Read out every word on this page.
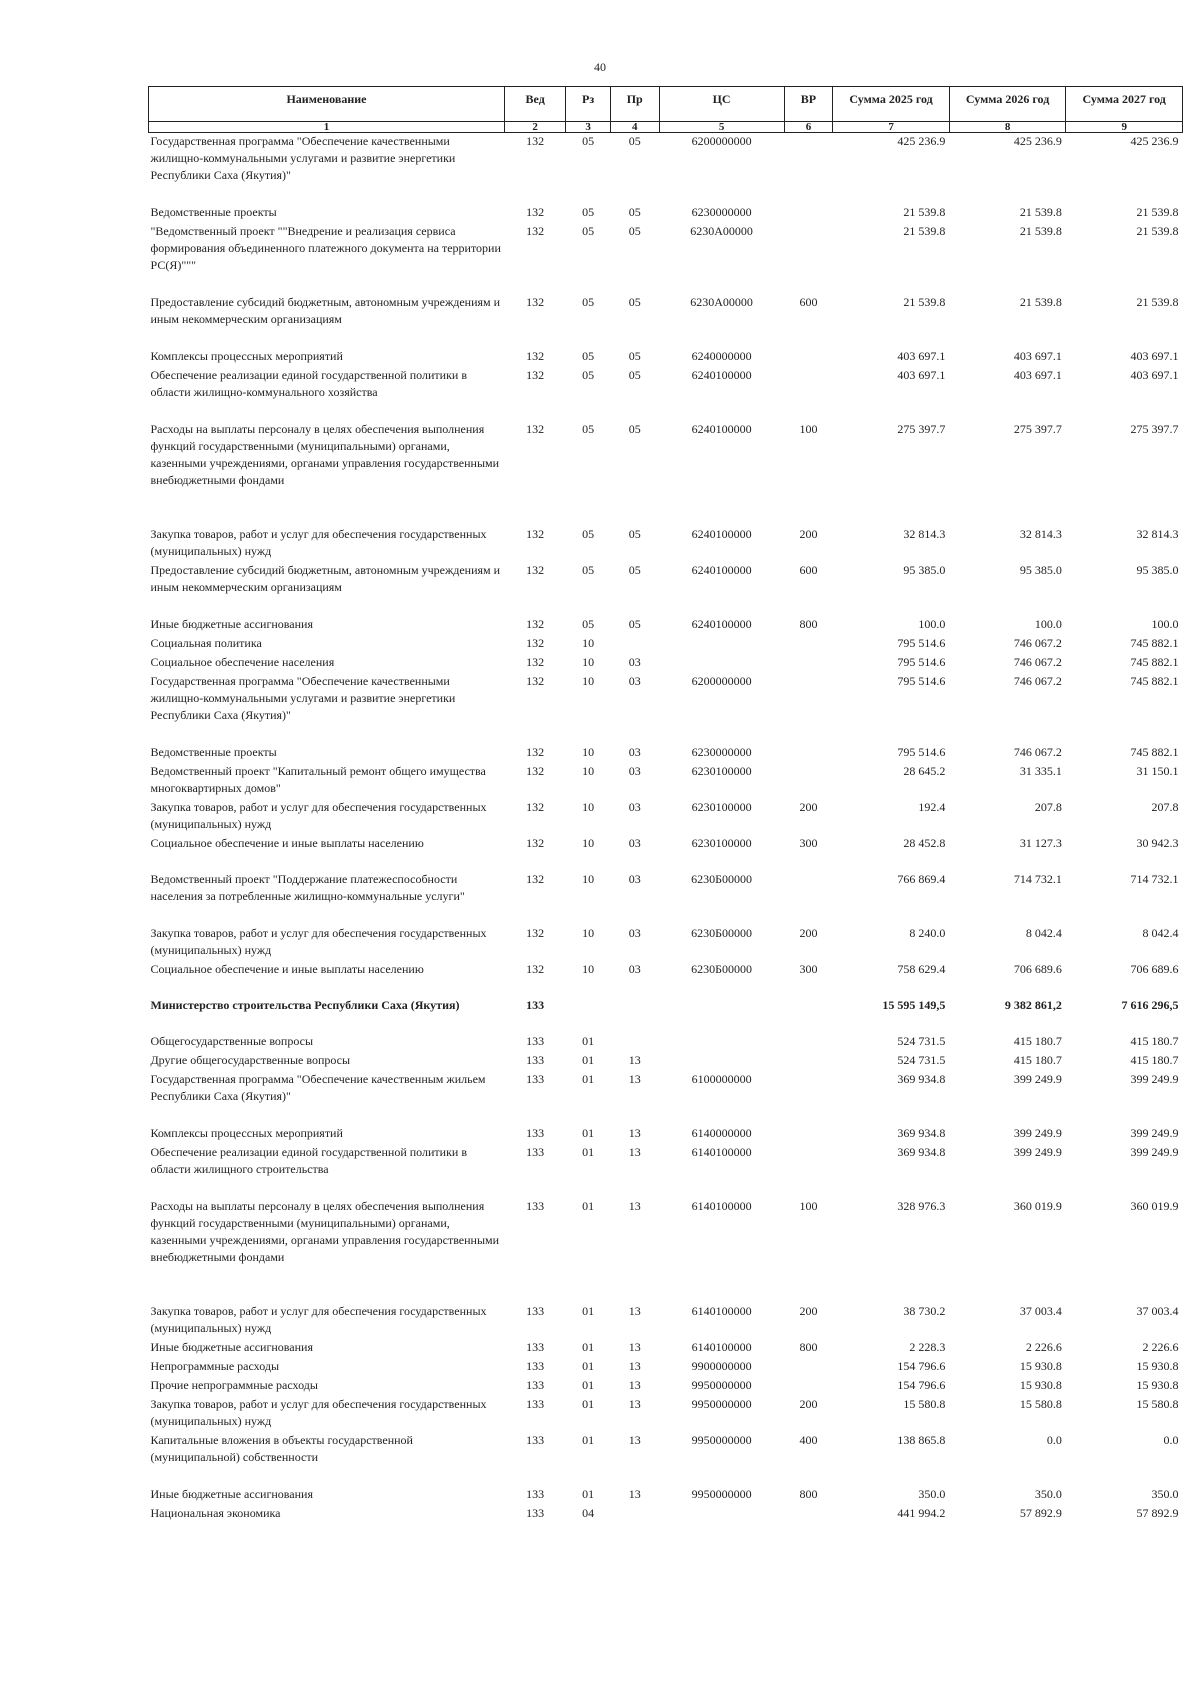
40
Наименование	Вед	Рз	Пр	ЦС	ВР	Сумма 2025 год	Сумма 2026 год	Сумма 2027 год
1	2	3	4	5	6	7	8	9
Государственная программа "Обеспечение качественными жилищно-коммунальными услугами и развитие энергетики Республики Саха (Якутия)"	132	05	05	6200000000		425 236.9	425 236.9	425 236.9
Ведомственные проекты	132	05	05	6230000000		21 539.8	21 539.8	21 539.8
"Ведомственный проект ""Внедрение и реализация сервиса формирования объединенного платежного документа на территории РС(Я)"""	132	05	05	6230А00000		21 539.8	21 539.8	21 539.8
Предоставление субсидий бюджетным, автономным учреждениям и иным некоммерческим организациям	132	05	05	6230А00000	600	21 539.8	21 539.8	21 539.8
Комплексы процессных мероприятий	132	05	05	6240000000		403 697.1	403 697.1	403 697.1
Обеспечение реализации единой государственной политики в области жилищно-коммунального хозяйства	132	05	05	6240100000		403 697.1	403 697.1	403 697.1
Расходы на выплаты персоналу в целях обеспечения выполнения функций государственными (муниципальными) органами, казенными учреждениями, органами управления государственными внебюджетными фондами	132	05	05	6240100000	100	275 397.7	275 397.7	275 397.7
Закупка товаров, работ и услуг для обеспечения государственных (муниципальных) нужд	132	05	05	6240100000	200	32 814.3	32 814.3	32 814.3
Предоставление субсидий бюджетным, автономным учреждениям и иным некоммерческим организациям	132	05	05	6240100000	600	95 385.0	95 385.0	95 385.0
Иные бюджетные ассигнования	132	05	05	6240100000	800	100.0	100.0	100.0
Социальная политика	132	10				795 514.6	746 067.2	745 882.1
Социальное обеспечение населения	132	10	03			795 514.6	746 067.2	745 882.1
Государственная программа "Обеспечение качественными жилищно-коммунальными услугами и развитие энергетики Республики Саха (Якутия)"	132	10	03	6200000000		795 514.6	746 067.2	745 882.1
Ведомственные проекты	132	10	03	6230000000		795 514.6	746 067.2	745 882.1
Ведомственный проект "Капитальный ремонт общего имущества многоквартирных домов"	132	10	03	6230100000		28 645.2	31 335.1	31 150.1
Закупка товаров, работ и услуг для обеспечения государственных (муниципальных) нужд	132	10	03	6230100000	200	192.4	207.8	207.8
Социальное обеспечение и иные выплаты населению	132	10	03	6230100000	300	28 452.8	31 127.3	30 942.3
Ведомственный проект "Поддержание платежеспособности населения за потребленные жилищно-коммунальные услуги"	132	10	03	6230Б00000		766 869.4	714 732.1	714 732.1
Закупка товаров, работ и услуг для обеспечения государственных (муниципальных) нужд	132	10	03	6230Б00000	200	8 240.0	8 042.4	8 042.4
Социальное обеспечение и иные выплаты населению	132	10	03	6230Б00000	300	758 629.4	706 689.6	706 689.6
Министерство строительства Республики Саха (Якутия)	133					15 595 149,5	9 382 861,2	7 616 296,5
Общегосударственные вопросы	133	01				524 731.5	415 180.7	415 180.7
Другие общегосударственные вопросы	133	01	13			524 731.5	415 180.7	415 180.7
Государственная программа "Обеспечение качественным жильем Республики Саха (Якутия)"	133	01	13	6100000000		369 934.8	399 249.9	399 249.9
Комплексы процессных мероприятий	133	01	13	6140000000		369 934.8	399 249.9	399 249.9
Обеспечение реализации единой государственной политики в области жилищного строительства	133	01	13	6140100000		369 934.8	399 249.9	399 249.9
Расходы на выплаты персоналу в целях обеспечения выполнения функций государственными (муниципальными) органами, казенными учреждениями, органами управления государственными внебюджетными фондами	133	01	13	6140100000	100	328 976.3	360 019.9	360 019.9
Закупка товаров, работ и услуг для обеспечения государственных (муниципальных) нужд	133	01	13	6140100000	200	38 730.2	37 003.4	37 003.4
Иные бюджетные ассигнования	133	01	13	6140100000	800	2 228.3	2 226.6	2 226.6
Непрограммные расходы	133	01	13	9900000000		154 796.6	15 930.8	15 930.8
Прочие непрограммные расходы	133	01	13	9950000000		154 796.6	15 930.8	15 930.8
Закупка товаров, работ и услуг для обеспечения государственных (муниципальных) нужд	133	01	13	9950000000	200	15 580.8	15 580.8	15 580.8
Капитальные вложения в объекты государственной (муниципальной) собственности	133	01	13	9950000000	400	138 865.8	0.0	0.0
Иные бюджетные ассигнования	133	01	13	9950000000	800	350.0	350.0	350.0
Национальная экономика	133	04				441 994.2	57 892.9	57 892.9
